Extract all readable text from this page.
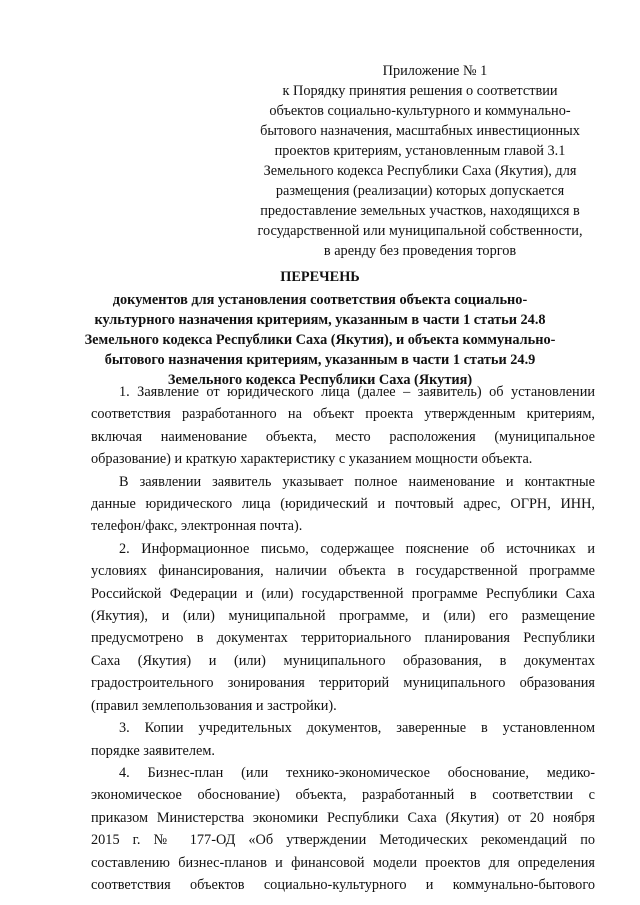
Приложение № 1
к Порядку принятия решения о соответствии
объектов социально-культурного и коммунально-
бытового назначения, масштабных инвестиционных
проектов критериям, установленным главой 3.1
Земельного кодекса Республики Саха (Якутия), для
размещения (реализации) которых допускается
предоставление земельных участков, находящихся в
государственной или муниципальной собственности,
в аренду без проведения торгов
ПЕРЕЧЕНЬ
документов для установления соответствия объекта социально-
культурного назначения критериям, указанным в части 1 статьи 24.8
Земельного кодекса Республики Саха (Якутия), и объекта коммунально-
бытового назначения критериям, указанным в части 1 статьи 24.9
Земельного кодекса Республики Саха (Якутия)
1. Заявление от юридического лица (далее – заявитель) об установлении
соответствия разработанного на объект проекта утвержденным критериям,
включая наименование объекта, место расположения (муниципальное
образование) и краткую характеристику с указанием мощности объекта.
В заявлении заявитель указывает полное наименование и контактные
данные юридического лица (юридический и почтовый адрес, ОГРН, ИНН,
телефон/факс, электронная почта).
2. Информационное письмо, содержащее пояснение об источниках и
условиях финансирования, наличии объекта в государственной программе
Российской Федерации и (или) государственной программе Республики Саха
(Якутия), и (или) муниципальной программе, и (или) его размещение
предусмотрено в документах территориального планирования Республики
Саха (Якутия) и (или) муниципального образования, в документах
градостроительного зонирования территорий муниципального образования
(правил землепользования и застройки).
3. Копии учредительных документов, заверенные в установленном
порядке заявителем.
4. Бизнес-план (или технико-экономическое обоснование, медико-
экономическое обоснование) объекта, разработанный в соответствии с
приказом Министерства экономики Республики Саха (Якутия) от 20 ноября
2015 г. № 177-ОД «Об утверждении Методических рекомендаций по
составлению бизнес-планов и финансовой модели проектов для определения
соответствия объектов социально-культурного и коммунально-бытового
